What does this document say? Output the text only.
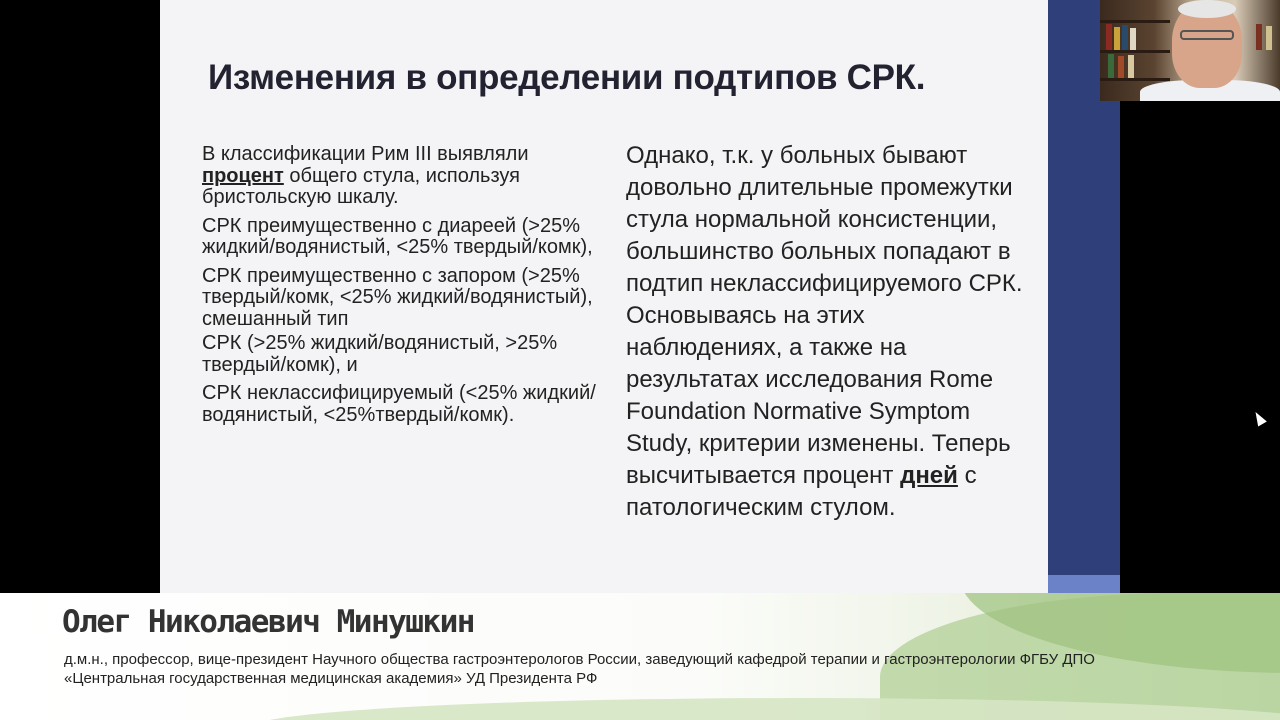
Изменения в определении подтипов СРК.

В классификации Рим III выявляли процент общего стула, используя бристольскую шкалу.

СРК преимущественно с диареей (>25% жидкий/водянистый, <25% твердый/комк),

СРК преимущественно с запором (>25% твердый/комк, <25% жидкий/водянистый), смешанный тип

СРК (>25% жидкий/водянистый, >25% твердый/комк), и

СРК неклассифицируемый (<25% жидкий/водянистый, <25%твердый/комк).

Однако, т.к. у больных бывают довольно длительные промежутки стула нормальной консистенции, большинство больных попадают в подтип неклассифицируемого СРК. Основываясь на этих наблюдениях, а также на результатах исследования Rome Foundation Normative Symptom Study, критерии изменены. Теперь высчитывается процент дней с патологическим стулом.

Олег Николаевич Минушкин
д.м.н., профессор, вице-президент Научного общества гастроэнтерологов России, заведующий кафедрой терапии и гастроэнтерологии ФГБУ ДПО
«Центральная государственная медицинская академия» УД Президента РФ
